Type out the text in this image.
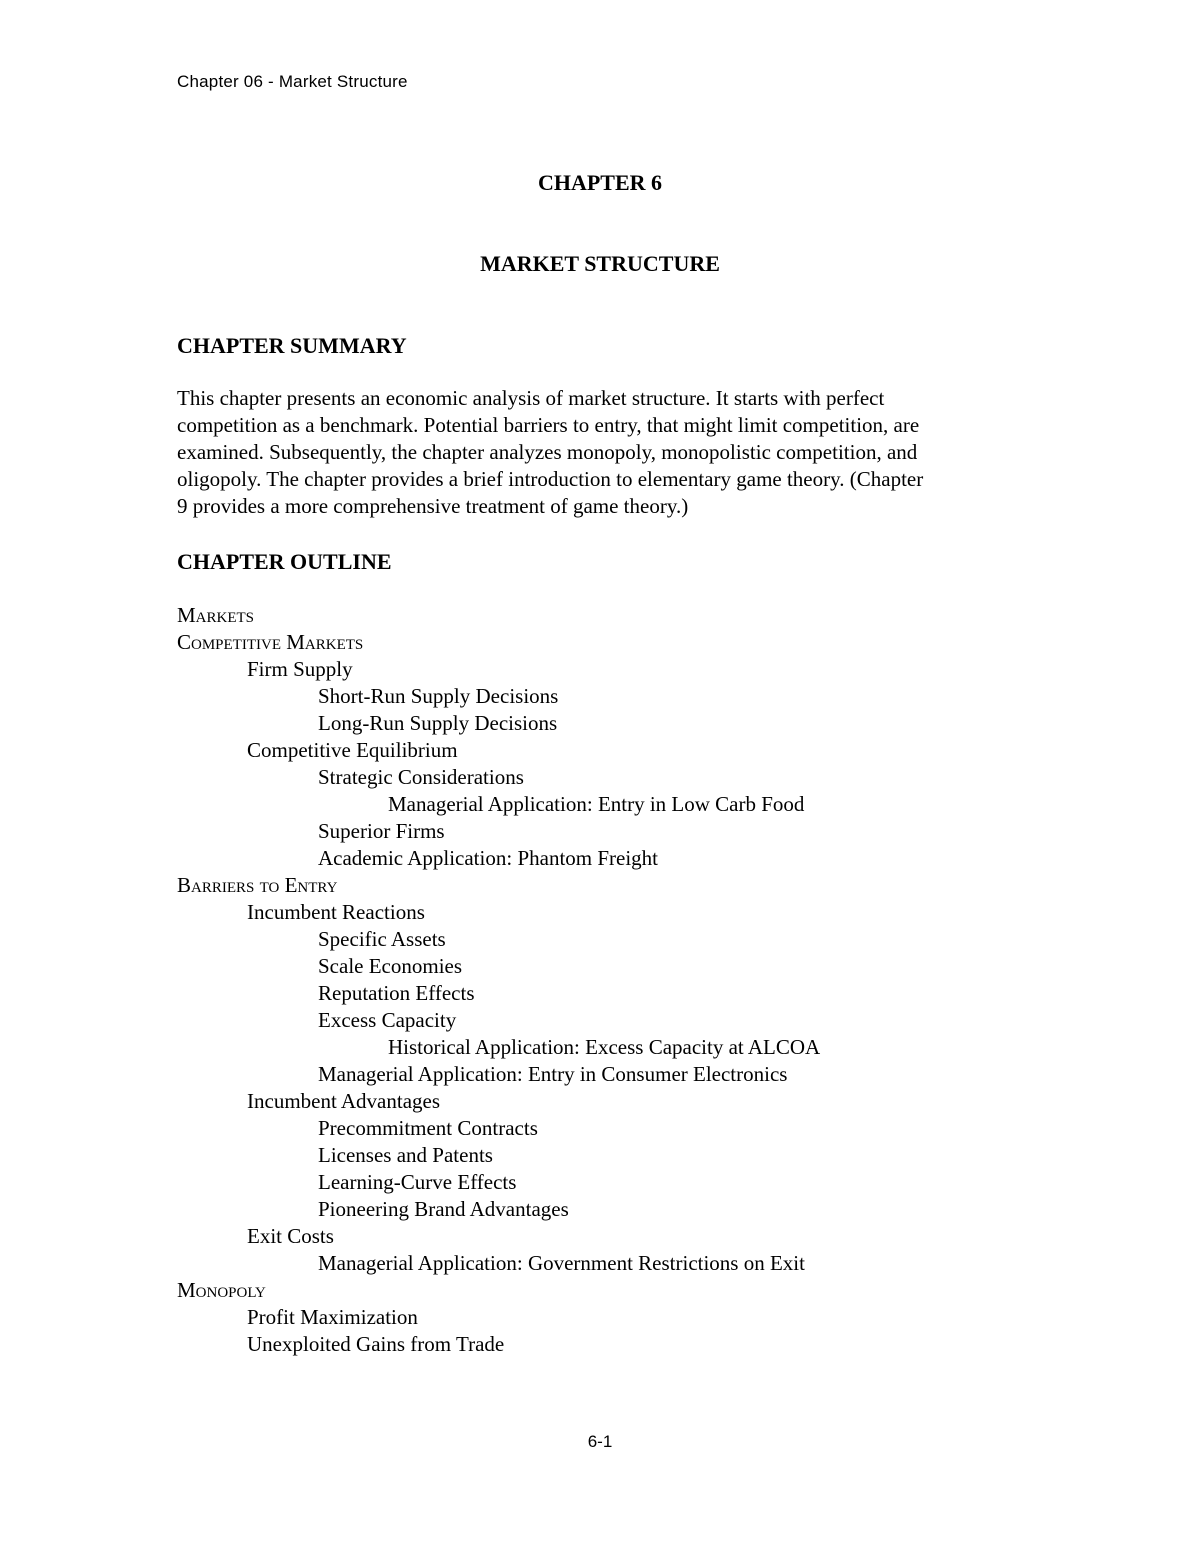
Chapter 06 - Market Structure
CHAPTER 6
MARKET STRUCTURE
CHAPTER SUMMARY
This chapter presents an economic analysis of market structure. It starts with perfect
competition as a benchmark. Potential barriers to entry, that might limit competition, are
examined. Subsequently, the chapter analyzes monopoly, monopolistic competition, and
oligopoly. The chapter provides a brief introduction to elementary game theory. (Chapter
9 provides a more comprehensive treatment of game theory.)
CHAPTER OUTLINE
Markets
Competitive Markets
Firm Supply
Short-Run Supply Decisions
Long-Run Supply Decisions
Competitive Equilibrium
Strategic Considerations
Managerial Application: Entry in Low Carb Food
Superior Firms
Academic Application: Phantom Freight
Barriers to Entry
Incumbent Reactions
Specific Assets
Scale Economies
Reputation Effects
Excess Capacity
Historical Application: Excess Capacity at ALCOA
Managerial Application: Entry in Consumer Electronics
Incumbent Advantages
Precommitment Contracts
Licenses and Patents
Learning-Curve Effects
Pioneering Brand Advantages
Exit Costs
Managerial Application: Government Restrictions on Exit
Monopoly
Profit Maximization
Unexploited Gains from Trade
6-1
